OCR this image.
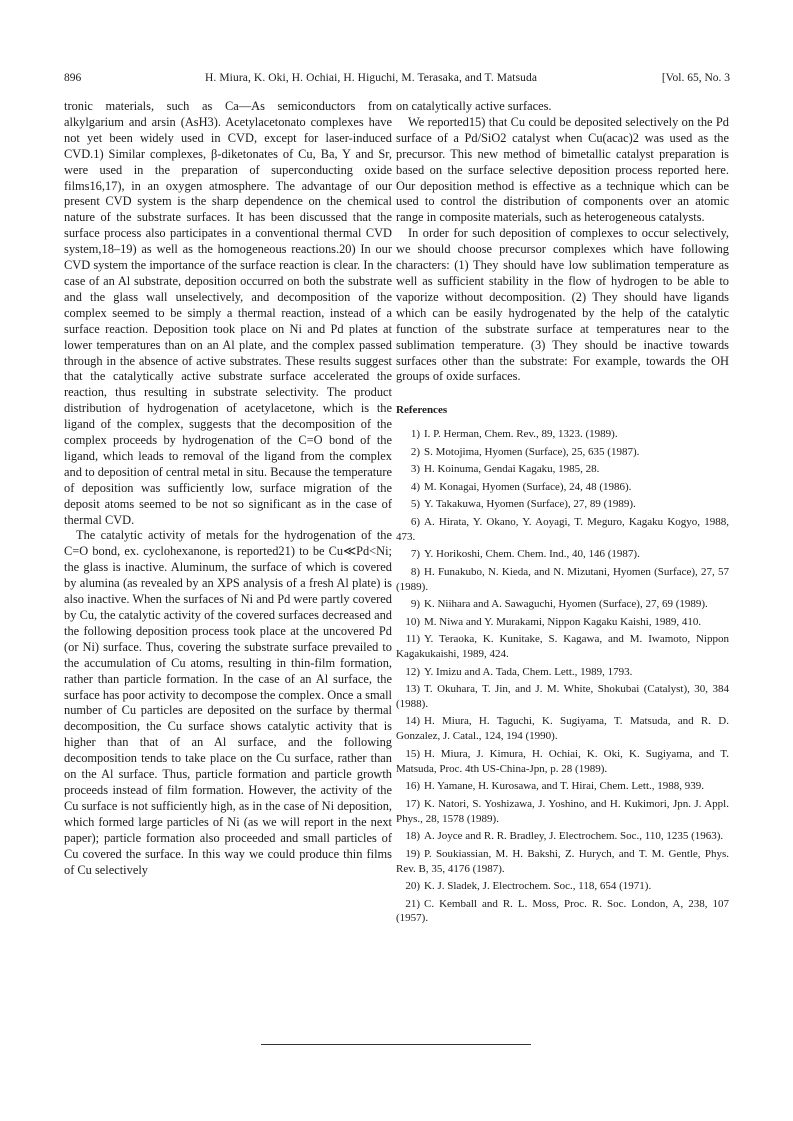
896	H. Miura, K. Oki, H. Ochiai, H. Higuchi, M. Terasaka, and T. Matsuda	[Vol. 65, No. 3

tronic materials, such as Ca—As semiconductors from alkylgarium and arsin (AsH3). Acetylacetonato complexes have not yet been widely used in CVD, except for laser-induced CVD.1) Similar complexes, β-diketonates of Cu, Ba, Y and Sr, were used in the preparation of superconducting oxide films16,17), in an oxygen atmosphere. The advantage of our present CVD system is the sharp dependence on the chemical nature of the substrate surfaces. It has been discussed that the surface process also participates in a conventional thermal CVD system,18–19) as well as the homogeneous reactions.20) In our CVD system the importance of the surface reaction is clear. In the case of an Al substrate, deposition occurred on both the substrate and the glass wall unselectively, and decomposition of the complex seemed to be simply a thermal reaction, instead of a surface reaction. Deposition took place on Ni and Pd plates at lower temperatures than on an Al plate, and the complex passed through in the absence of active substrates. These results suggest that the catalytically active substrate surface accelerated the reaction, thus resulting in substrate selectivity. The product distribution of hydrogenation of acetylacetone, which is the ligand of the complex, suggests that the decomposition of the complex proceeds by hydrogenation of the C=O bond of the ligand, which leads to removal of the ligand from the complex and to deposition of central metal in situ. Because the temperature of deposition was sufficiently low, surface migration of the deposit atoms seemed to be not so significant as in the case of thermal CVD.

The catalytic activity of metals for the hydrogenation of the C=O bond, ex. cyclohexanone, is reported21) to be Cu≪Pd<Ni; the glass is inactive. Aluminum, the surface of which is covered by alumina (as revealed by an XPS analysis of a fresh Al plate) is also inactive. When the surfaces of Ni and Pd were partly covered by Cu, the catalytic activity of the covered surfaces decreased and the following deposition process took place at the uncovered Pd (or Ni) surface. Thus, covering the substrate surface prevailed to the accumulation of Cu atoms, resulting in thin-film formation, rather than particle formation. In the case of an Al surface, the surface has poor activity to decompose the complex. Once a small number of Cu particles are deposited on the surface by thermal decomposition, the Cu surface shows catalytic activity that is higher than that of an Al surface, and the following decomposition tends to take place on the Cu surface, rather than on the Al surface. Thus, particle formation and particle growth proceeds instead of film formation. However, the activity of the Cu surface is not sufficiently high, as in the case of Ni deposition, which formed large particles of Ni (as we will report in the next paper); particle formation also proceeded and small particles of Cu covered the surface. In this way we could produce thin films of Cu selectively

on catalytically active surfaces.

We reported15) that Cu could be deposited selectively on the Pd surface of a Pd/SiO2 catalyst when Cu(acac)2 was used as the precursor. This new method of bimetallic catalyst preparation is based on the surface selective deposition process reported here. Our deposition method is effective as a technique which can be used to control the distribution of components over an atomic range in composite materials, such as heterogeneous catalysts.

In order for such deposition of complexes to occur selectively, we should choose precursor complexes which have following characters: (1) They should have low sublimation temperature as well as sufficient stability in the flow of hydrogen to be able to vaporize without decomposition. (2) They should have ligands which can be easily hydrogenated by the help of the catalytic function of the substrate surface at temperatures near to the sublimation temperature. (3) They should be inactive towards surfaces other than the substrate: For example, towards the OH groups of oxide surfaces.

References
1) I. P. Herman, Chem. Rev., 89, 1323. (1989).
2) S. Motojima, Hyomen (Surface), 25, 635 (1987).
3) H. Koinuma, Gendai Kagaku, 1985, 28.
4) M. Konagai, Hyomen (Surface), 24, 48 (1986).
5) Y. Takakuwa, Hyomen (Surface), 27, 89 (1989).
6) A. Hirata, Y. Okano, Y. Aoyagi, T. Meguro, Kagaku Kogyo, 1988, 473.
7) Y. Horikoshi, Chem. Chem. Ind., 40, 146 (1987).
8) H. Funakubo, N. Kieda, and N. Mizutani, Hyomen (Surface), 27, 57 (1989).
9) K. Niihara and A. Sawaguchi, Hyomen (Surface), 27, 69 (1989).
10) M. Niwa and Y. Murakami, Nippon Kagaku Kaishi, 1989, 410.
11) Y. Teraoka, K. Kunitake, S. Kagawa, and M. Iwamoto, Nippon Kagakukaishi, 1989, 424.
12) Y. Imizu and A. Tada, Chem. Lett., 1989, 1793.
13) T. Okuhara, T. Jin, and J. M. White, Shokubai (Catalyst), 30, 384 (1988).
14) H. Miura, H. Taguchi, K. Sugiyama, T. Matsuda, and R. D. Gonzalez, J. Catal., 124, 194 (1990).
15) H. Miura, J. Kimura, H. Ochiai, K. Oki, K. Sugiyama, and T. Matsuda, Proc. 4th US-China-Jpn, p. 28 (1989).
16) H. Yamane, H. Kurosawa, and T. Hirai, Chem. Lett., 1988, 939.
17) K. Natori, S. Yoshizawa, J. Yoshino, and H. Kukimori, Jpn. J. Appl. Phys., 28, 1578 (1989).
18) A. Joyce and R. R. Bradley, J. Electrochem. Soc., 110, 1235 (1963).
19) P. Soukiassian, M. H. Bakshi, Z. Hurych, and T. M. Gentle, Phys. Rev. B, 35, 4176 (1987).
20) K. J. Sladek, J. Electrochem. Soc., 118, 654 (1971).
21) C. Kemball and R. L. Moss, Proc. R. Soc. London, A, 238, 107 (1957).
